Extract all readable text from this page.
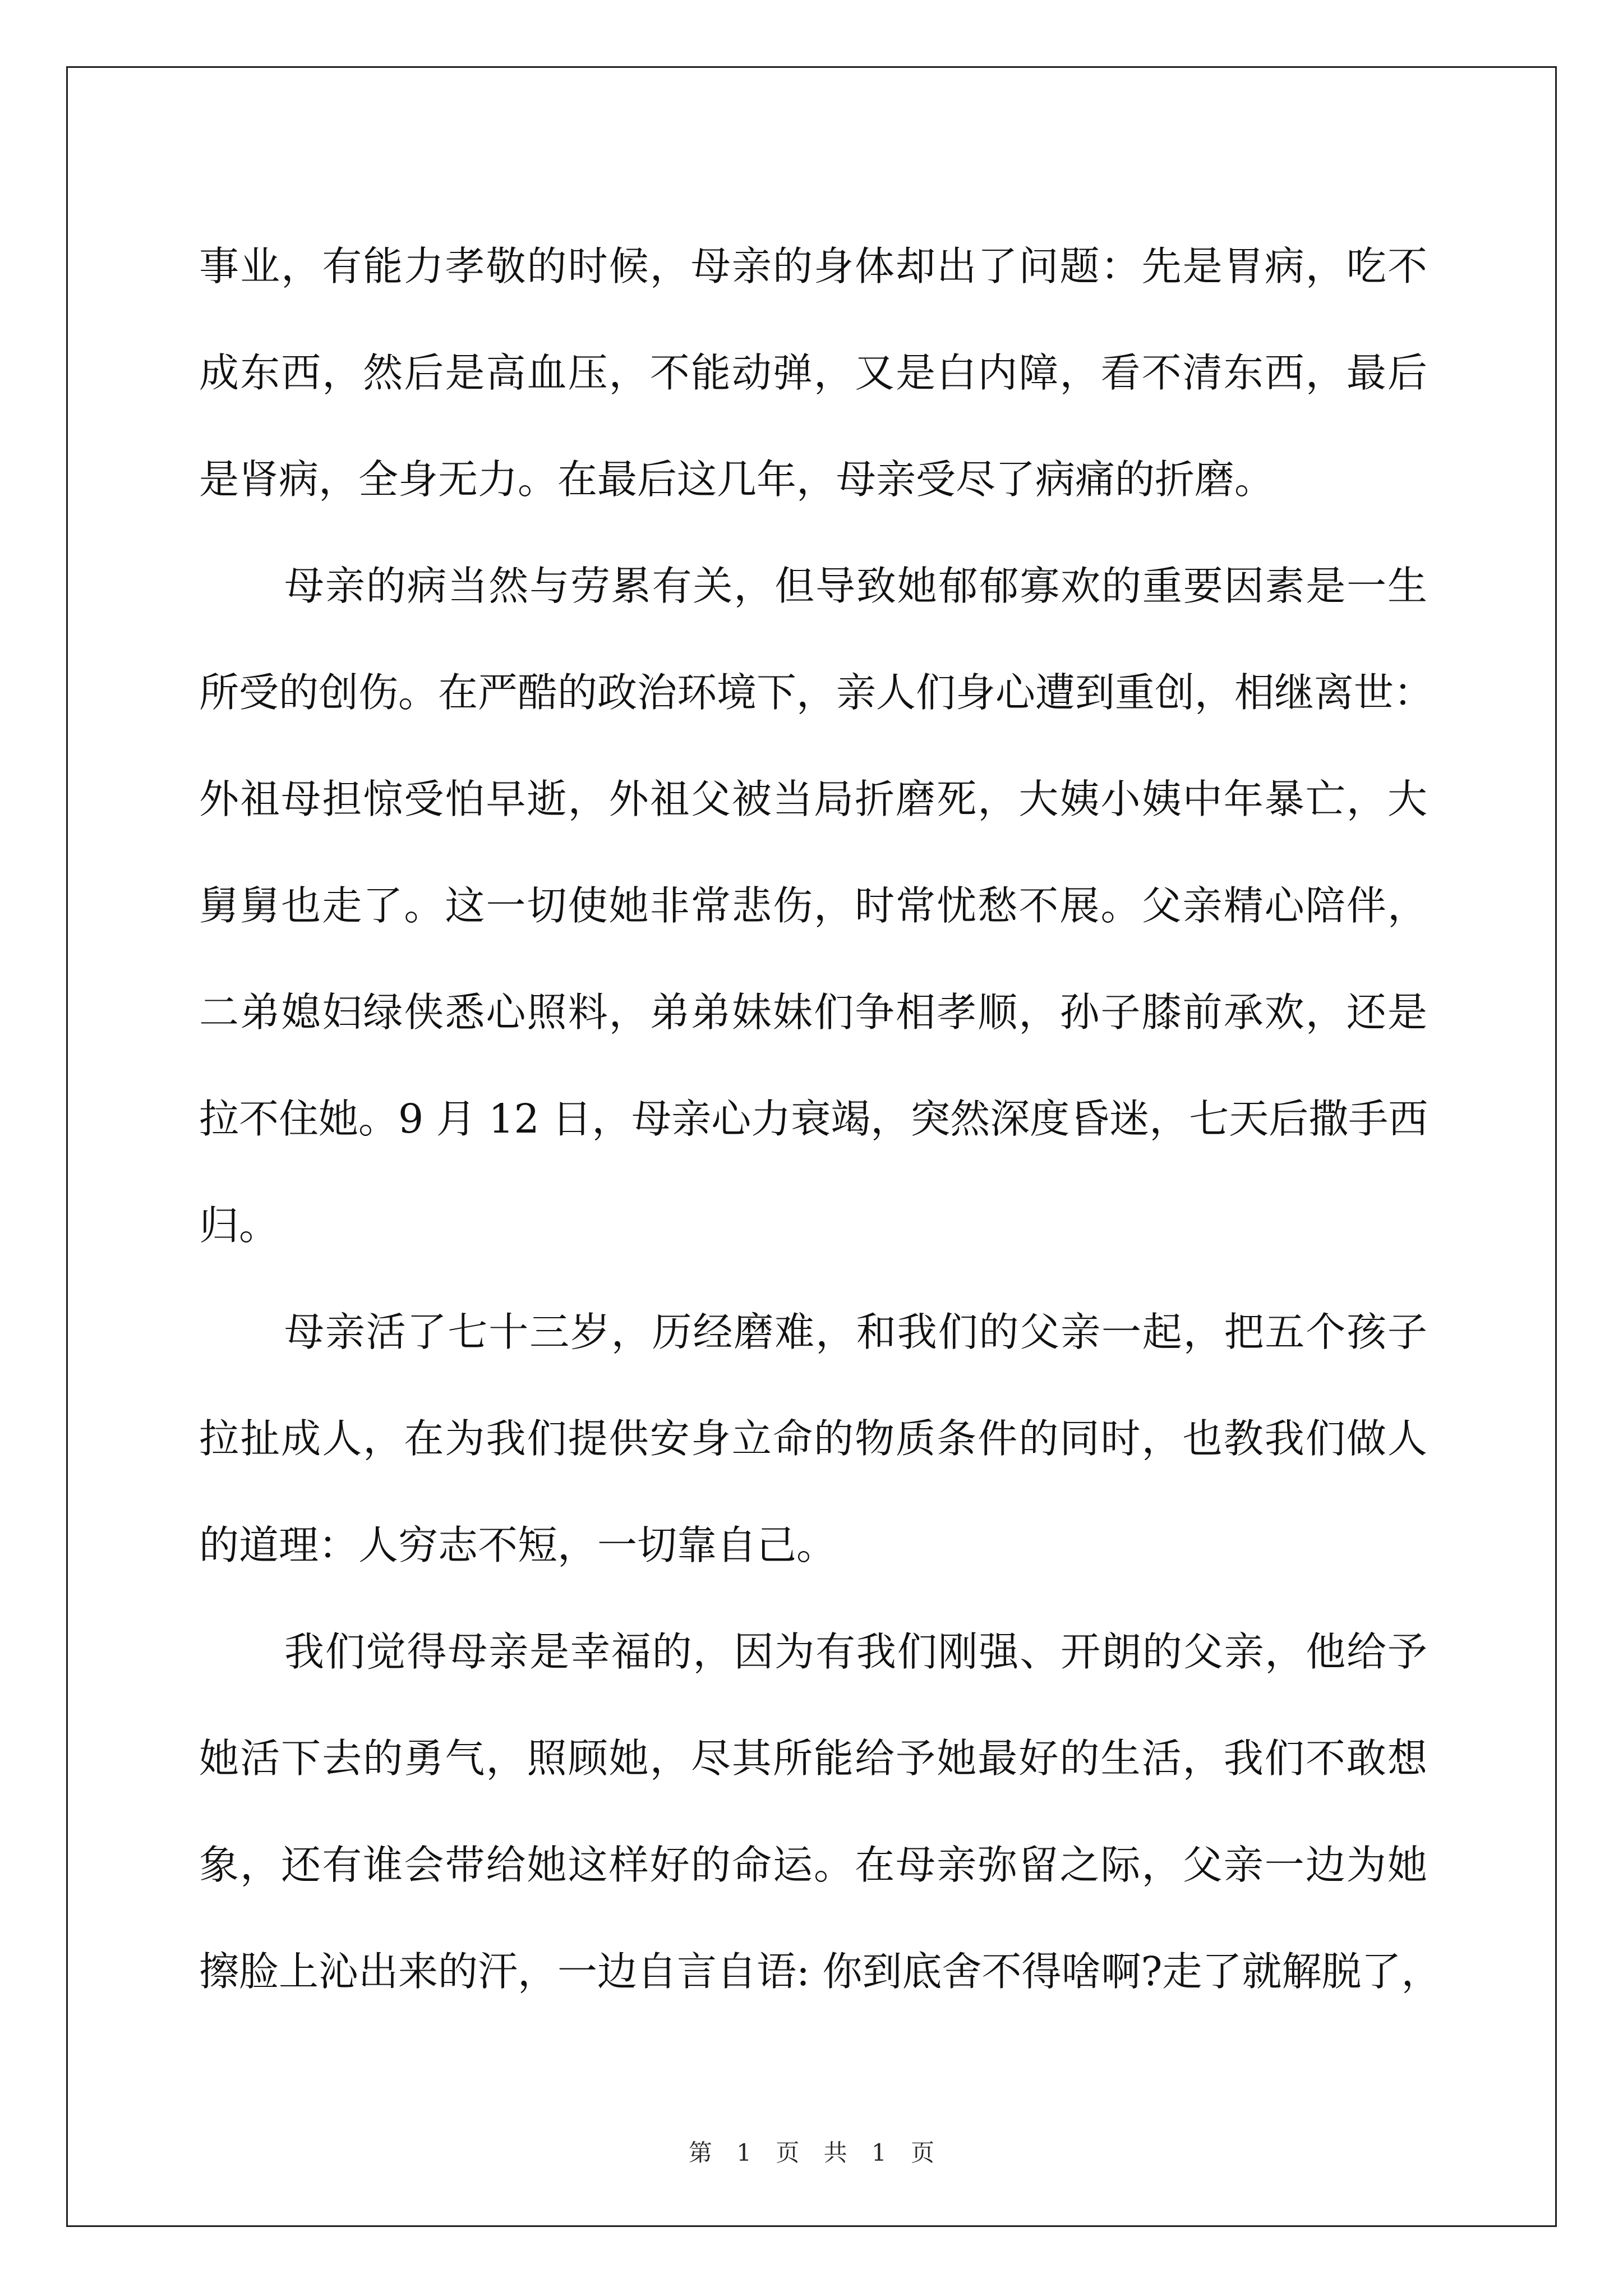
事业，有能力孝敬的时候，母亲的身体却出了问题：先是胃病，吃不
成东西，然后是高血压，不能动弹，又是白内障，看不清东西，最后
是肾病，全身无力。在最后这几年，母亲受尽了病痛的折磨。
母亲的病当然与劳累有关，但导致她郁郁寡欢的重要因素是一生
所受的创伤。在严酷的政治环境下，亲人们身心遭到重创，相继离世：
外祖母担惊受怕早逝，外祖父被当局折磨死，大姨小姨中年暴亡，大
舅舅也走了。这一切使她非常悲伤，时常忧愁不展。父亲精心陪伴，
二弟媳妇绿侠悉心照料，弟弟妹妹们争相孝顺，孙子膝前承欢，还是
拉不住她。9 月 12 日，母亲心力衰竭，突然深度昏迷，七天后撒手西
归。
母亲活了七十三岁，历经磨难，和我们的父亲一起，把五个孩子
拉扯成人，在为我们提供安身立命的物质条件的同时，也教我们做人
的道理：人穷志不短，一切靠自己。
我们觉得母亲是幸福的，因为有我们刚强、开朗的父亲，他给予
她活下去的勇气，照顾她，尽其所能给予她最好的生活，我们不敢想
象，还有谁会带给她这样好的命运。在母亲弥留之际，父亲一边为她
擦脸上沁出来的汗，一边自言自语: 你到底舍不得啥啊?走了就解脱了，
第 1 页 共 1 页
